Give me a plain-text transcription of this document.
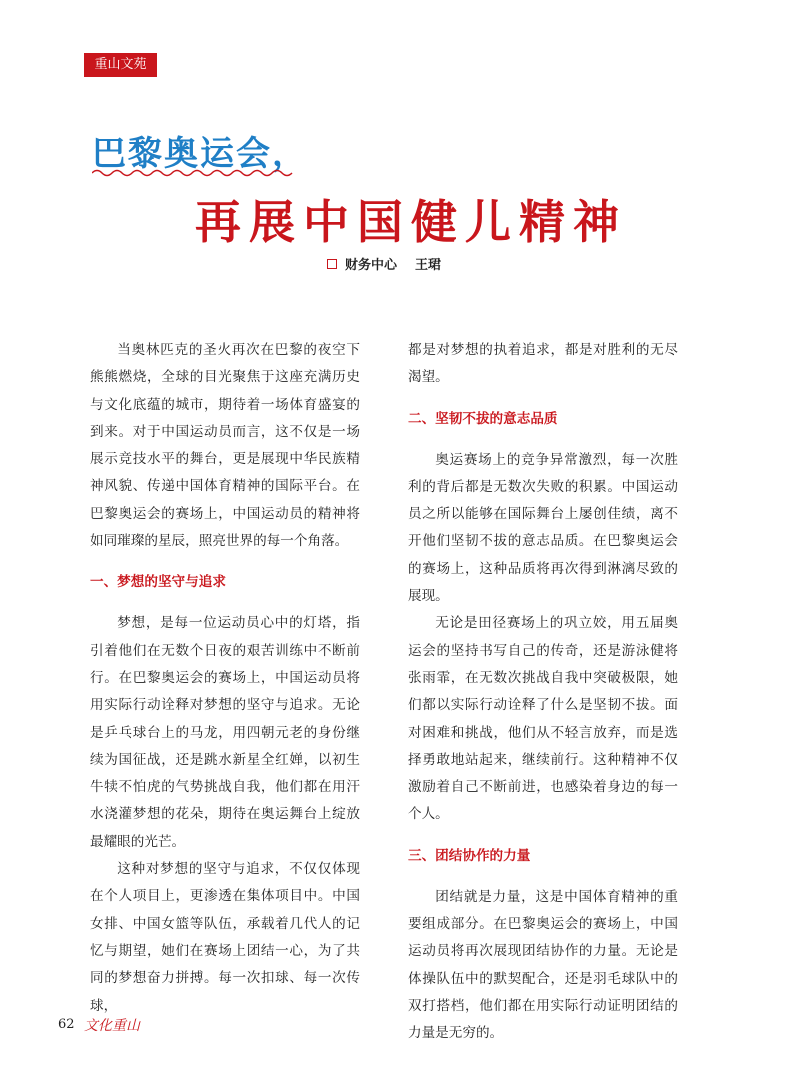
重山文苑
巴黎奥运会，
再展中国健儿精神
财务中心 王珺

当奥林匹克的圣火再次在巴黎的夜空下熊熊燃烧，全球的目光聚焦于这座充满历史与文化底蕴的城市，期待着一场体育盛宴的到来。对于中国运动员而言，这不仅是一场展示竞技水平的舞台，更是展现中华民族精神风貌、传递中国体育精神的国际平台。在巴黎奥运会的赛场上，中国运动员的精神将如同璀璨的星辰，照亮世界的每一个角落。

一、梦想的坚守与追求

梦想，是每一位运动员心中的灯塔，指引着他们在无数个日夜的艰苦训练中不断前行。在巴黎奥运会的赛场上，中国运动员将用实际行动诠释对梦想的坚守与追求。无论是乒乓球台上的马龙，用四朝元老的身份继续为国征战，还是跳水新星全红婵，以初生牛犊不怕虎的气势挑战自我，他们都在用汗水浇灌梦想的花朵，期待在奥运舞台上绽放最耀眼的光芒。

这种对梦想的坚守与追求，不仅仅体现在个人项目上，更渗透在集体项目中。中国女排、中国女篮等队伍，承载着几代人的记忆与期望，她们在赛场上团结一心，为了共同的梦想奋力拼搏。每一次扣球、每一次传球，

都是对梦想的执着追求，都是对胜利的无尽渴望。

二、坚韧不拔的意志品质

奥运赛场上的竞争异常激烈，每一次胜利的背后都是无数次失败的积累。中国运动员之所以能够在国际舞台上屡创佳绩，离不开他们坚韧不拔的意志品质。在巴黎奥运会的赛场上，这种品质将再次得到淋漓尽致的展现。

无论是田径赛场上的巩立姣，用五届奥运会的坚持书写自己的传奇，还是游泳健将张雨霏，在无数次挑战自我中突破极限，她们都以实际行动诠释了什么是坚韧不拔。面对困难和挑战，他们从不轻言放弃，而是选择勇敢地站起来，继续前行。这种精神不仅激励着自己不断前进，也感染着身边的每一个人。

三、团结协作的力量

团结就是力量，这是中国体育精神的重要组成部分。在巴黎奥运会的赛场上，中国运动员将再次展现团结协作的力量。无论是体操队伍中的默契配合，还是羽毛球队中的双打搭档，他们都在用实际行动证明团结的力量是无穷的。

62 文化重山
